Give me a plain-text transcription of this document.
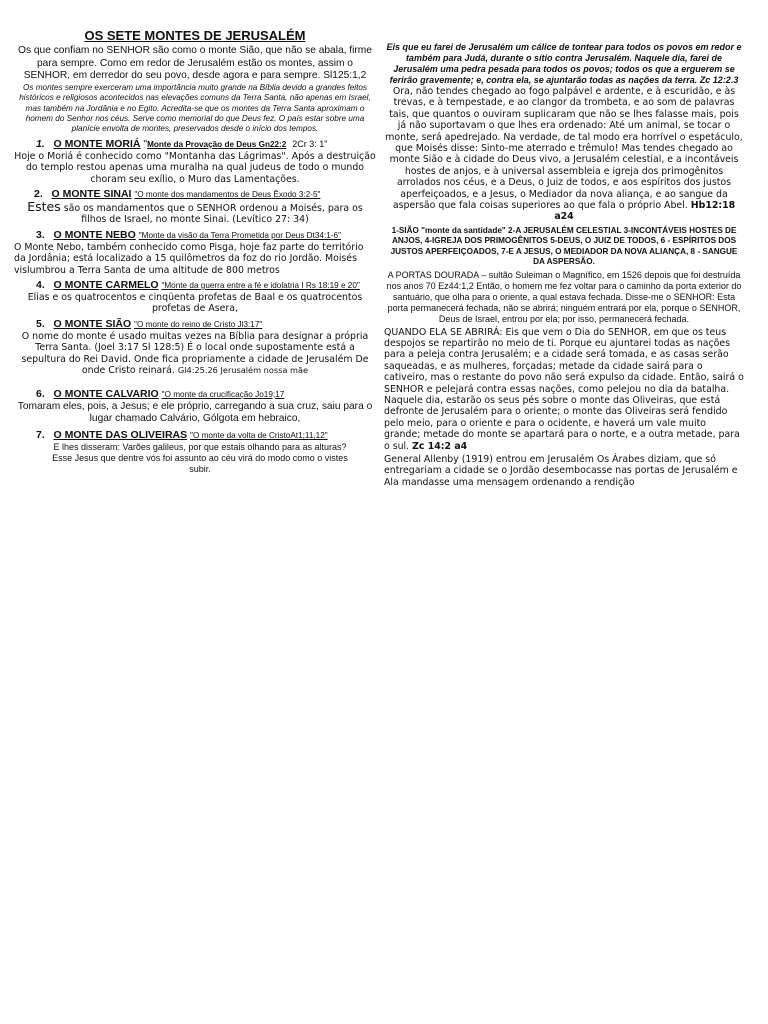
OS SETE MONTES DE JERUSALÉM

Os que confiam no SENHOR são como o monte Sião, que não se abala, firme para sempre. Como em redor de Jerusalém estão os montes, assim o SENHOR, em derredor do seu povo, desde agora e para sempre. Sl125:1,2

Os montes sempre exerceram uma importância muito grande na Bíblia devido a grandes feitos históricos e religiosos acontecidos nas elevações comuns da Terra Santa, não apenas em Israel, mas também na Jordânia e no Egito. Acredita-se que os montes da Terra Santa aproximam o homem do Senhor nos céus. Serve como memorial do que Deus fez. O país estar sobre uma planície envolta de montes, preservados desde o início dos tempos.

1. O MONTE MORIÁ "Monte da Provação de Deus Gn22:2 2Cr 3: 1"

Hoje o Moriá é conhecido como "Montanha das Lágrimas". Após a destruição do templo restou apenas uma muralha na qual judeus de todo o mundo choram seu exílio, o Muro das Lamentações.

2. O MONTE SINAI "O monte dos mandamentos de Deus Êxodo 3:2-5"

Estes são os mandamentos que o SENHOR ordenou a Moisés, para os filhos de Israel, no monte Sinai. (Levítico 27: 34)

3. O MONTE NEBO "Monte da visão da Terra Prometida por Deus Dt34:1-6"

O Monte Nebo, também conhecido como Pisga, hoje faz parte do território da Jordânia; está localizado a 15 quilômetros da foz do rio Jordão. Moisés vislumbrou a Terra Santa de uma altitude de 800 metros

4. O MONTE CARMELO "Monte da guerra entre a fé e idolatria I Rs 18:19 e 20"

Elias e os quatrocentos e cinqüenta profetas de Baal e os quatrocentos profetas de Asera,

5. O MONTE SIÃO "O monte do reino de Cristo Jl3:17"

O nome do monte é usado muitas vezes na Bíblia para designar a própria Terra Santa. (Joel 3:17 Sl 128:5) É o local onde supostamente está a sepultura do Rei David. Onde fica propriamente a cidade de Jerusalém De onde Cristo reinará. Gl4:25.26 Jerusalém nossa mãe

6. O MONTE CALVARIO "O monte da crucificação Jo19;17

Tomaram eles, pois, a Jesus; e ele próprio, carregando a sua cruz, saiu para o lugar chamado Calvário, Gólgota em hebraico,

7. O MONTE DAS OLIVEIRAS "O monte da volta de CristoAt1;11,12"

E lhes disseram: Varões galileus, por que estais olhando para as alturas? Esse Jesus que dentre vós foi assunto ao céu virá do modo como o vistes subir.

Eis que eu farei de Jerusalém um cálice de tontear para todos os povos em redor e também para Judá, durante o sítio contra Jerusalém. Naquele dia, farei de Jerusalém uma pedra pesada para todos os povos; todos os que a erguerem se ferirão gravemente; e, contra ela, se ajuntarão todas as nações da terra. Zc 12:2.3

Ora, não tendes chegado ao fogo palpável e ardente, e à escuridão, e às trevas, e à tempestade, e ao clangor da trombeta, e ao som de palavras tais, que quantos o ouviram suplicaram que não se lhes falasse mais, pois já não suportavam o que lhes era ordenado: Até um animal, se tocar o monte, será apedrejado. Na verdade, de tal modo era horrível o espetáculo, que Moisés disse: Sinto-me aterrado e trêmulo! Mas tendes chegado ao monte Sião e à cidade do Deus vivo, a Jerusalém celestial, e a incontáveis hostes de anjos, e à universal assembleia e igreja dos primogênitos arrolados nos céus, e a Deus, o Juiz de todos, e aos espíritos dos justos aperfeiçoados, e a Jesus, o Mediador da nova aliança, e ao sangue da aspersão que fala coisas superiores ao que fala o próprio Abel. Hb12:18 a24

1-SIÃO "monte da santidade" 2-A JERUSALÉM CELESTIAL 3-INCONTÁVEIS HOSTES DE ANJOS, 4-IGREJA DOS PRIMOGÊNITOS 5-DEUS, O JUIZ DE TODOS, 6 - ESPÍRITOS DOS JUSTOS APERFEIÇOADOS, 7-E A JESUS, O MEDIADOR DA NOVA ALIANÇA, 8 - SANGUE DA ASPERSÃO.

A PORTAS DOURADA – sultão Suleiman o Magnífico, em 1526 depois que foi destruída nos anos 70 Ez44:1,2 Então, o homem me fez voltar para o caminho da porta exterior do santuário, que olha para o oriente, a qual estava fechada. Disse-me o SENHOR: Esta porta permanecerá fechada, não se abrirá; ninguém entrará por ela, porque o SENHOR, Deus de Israel, entrou por ela; por isso, permanecerá fechada.

QUANDO ELA SE ABRIRÁ: Eis que vem o Dia do SENHOR, em que os teus despojos se repartirão no meio de ti. Porque eu ajuntarei todas as nações para a peleja contra Jerusalém; e a cidade será tomada, e as casas serão saqueadas, e as mulheres, forçadas; metade da cidade sairá para o cativeiro, mas o restante do povo não será expulso da cidade. Então, sairá o SENHOR e pelejará contra essas nações, como pelejou no dia da batalha. Naquele dia, estarão os seus pés sobre o monte das Oliveiras, que está defronte de Jerusalém para o oriente; o monte das Oliveiras será fendido pelo meio, para o oriente e para o ocidente, e haverá um vale muito grande; metade do monte se apartará para o norte, e a outra metade, para o sul. Zc 14:2 a4

General Allenby (1919) entrou em Jerusalém Os Árabes diziam, que só entregariam a cidade se o Jordão desembocasse nas portas de Jerusalém e Ala mandasse uma mensagem ordenando a rendição
